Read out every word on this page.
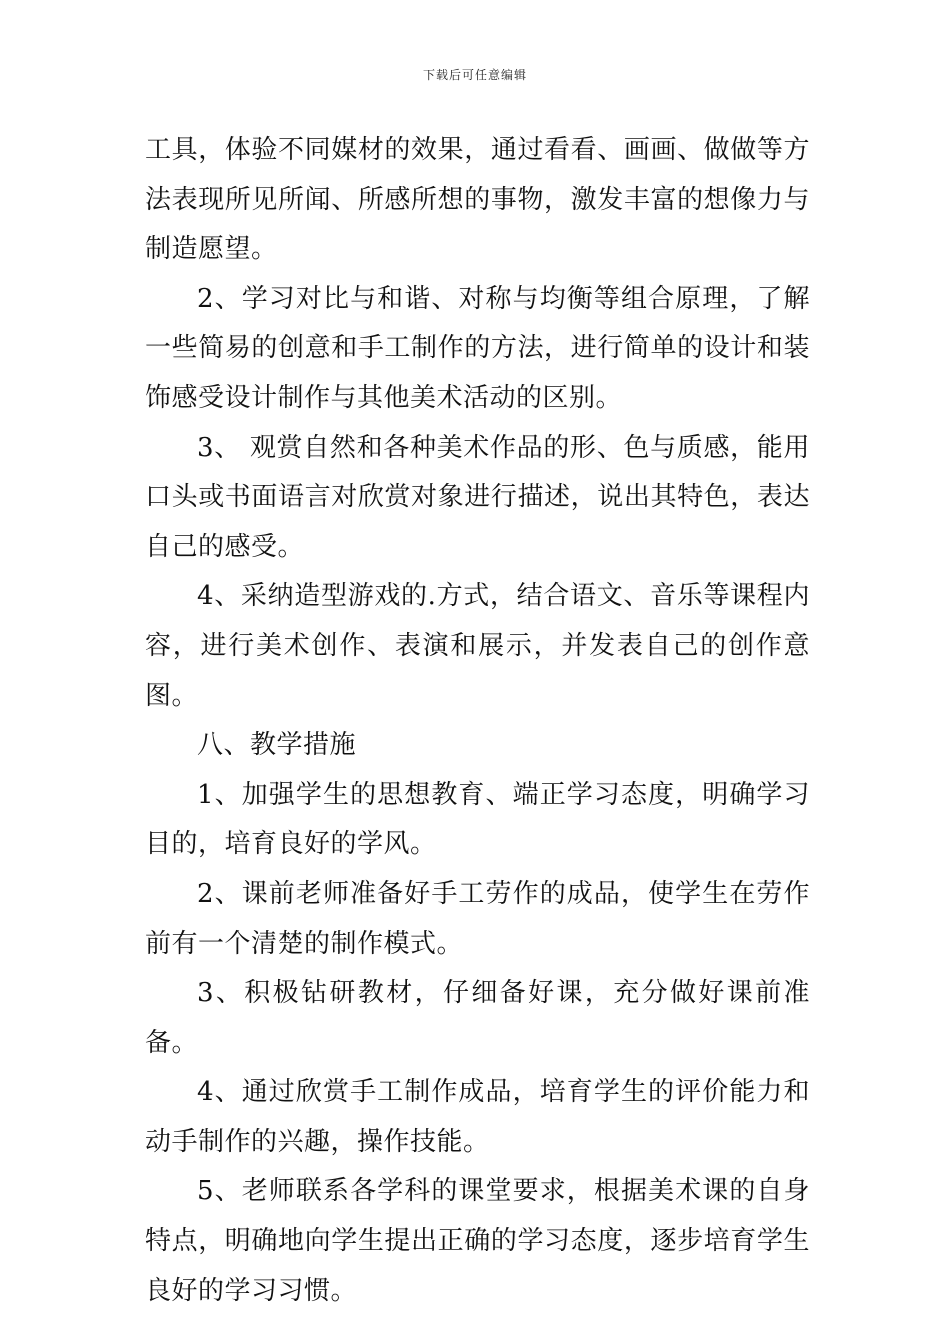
下载后可任意编辑

工具，体验不同媒材的效果，通过看看、画画、做做等方法表现所见所闻、所感所想的事物，激发丰富的想像力与制造愿望。

2、学习对比与和谐、对称与均衡等组合原理，了解一些简易的创意和手工制作的方法，进行简单的设计和装饰感受设计制作与其他美术活动的区别。

3、 观赏自然和各种美术作品的形、色与质感，能用口头或书面语言对欣赏对象进行描述，说出其特色，表达自己的感受。

4、采纳造型游戏的.方式，结合语文、音乐等课程内容，进行美术创作、表演和展示，并发表自己的创作意图。

八、教学措施

1、加强学生的思想教育、端正学习态度，明确学习目的，培育良好的学风。

2、课前老师准备好手工劳作的成品，使学生在劳作前有一个清楚的制作模式。

3、积极钻研教材，仔细备好课，充分做好课前准备。

4、通过欣赏手工制作成品，培育学生的评价能力和动手制作的兴趣，操作技能。

5、老师联系各学科的课堂要求，根据美术课的自身特点，明确地向学生提出正确的学习态度，逐步培育学生良好的学习习惯。
